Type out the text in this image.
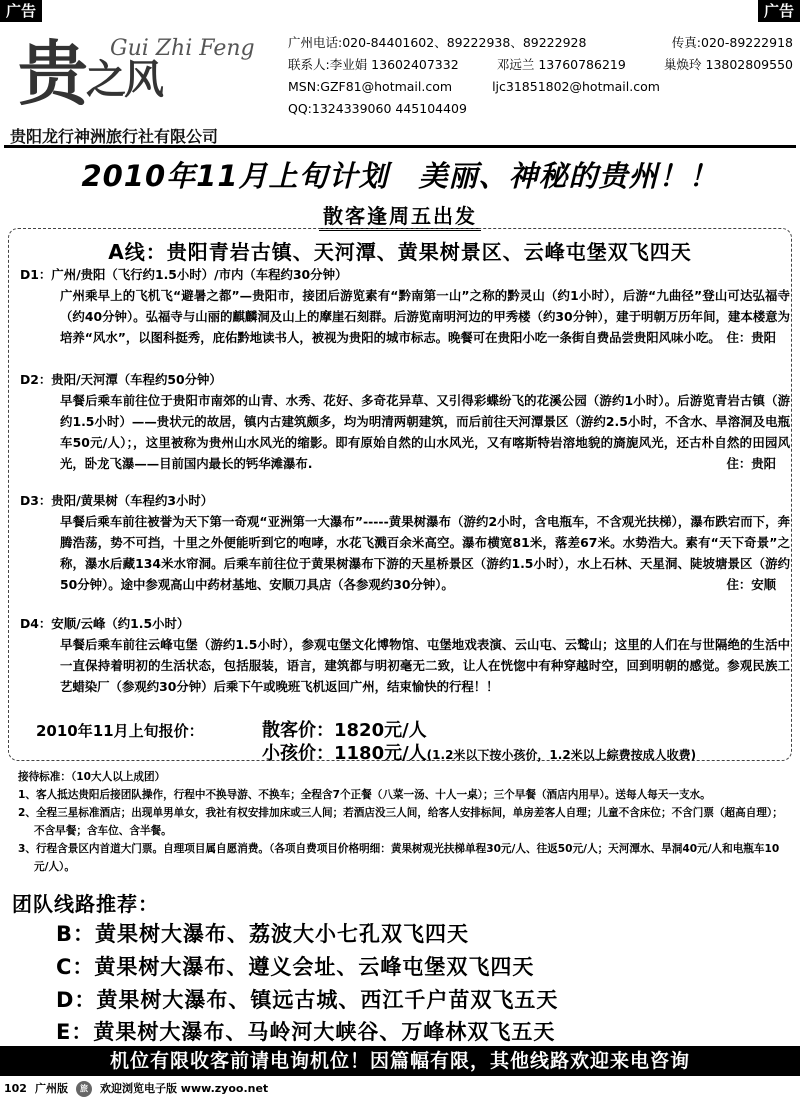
广告	广告
贵之风
Gui Zhi Feng
贵阳龙行神洲旅行社有限公司
广州电话:020-84401602、89222938、89222928	传真:020-89222918
联系人:李业娟 13602407332	邓远兰 13760786219	巢焕玲 13802809550
MSN:GZF81@hotmail.com	ljc31851802@hotmail.com
QQ:1324339060 445104409
2010年11月上旬计划　美丽、神秘的贵州！！
散客逢周五出发
A线：贵阳青岩古镇、天河潭、黄果树景区、云峰屯堡双飞四天
D1：广州/贵阳（飞行约1.5小时）/市内（车程约30分钟）
广州乘早上的飞机飞“避暑之都”—贵阳市，接团后游览素有“黔南第一山”之称的黔灵山（约1小时），后游“九曲径”登山可达弘福寺（约40分钟）。弘福寺与山丽的麒麟洞及山上的摩崖石刻群。后游览南明河边的甲秀楼（约30分钟），建于明朝万历年间，建本楼意为培养“风水”，以图科挺秀，庇佑黔地读书人，被视为贵阳的城市标志。晚餐可在贵阳小吃一条街自费品尝贵阳风味小吃。 住：贵阳
D2：贵阳/天河潭（车程约50分钟）
早餐后乘车前往位于贵阳市南郊的山青、水秀、花好、多奇花异草、又引得彩蝶纷飞的花溪公园（游约1小时）。后游览青岩古镇（游约1.5小时）——贵状元的故居，镇内古建筑颇多，均为明清两朝建筑，而后前往天河潭景区（游约2.5小时，不含水、旱溶洞及电瓶车50元/人）；，这里被称为贵州山水风光的缩影。即有原始自然的山水风光，又有喀斯特岩溶地貌的旖旎风光，还古朴自然的田园风光，卧龙飞瀑——目前国内最长的钙华滩瀑布.	住：贵阳
D3：贵阳/黄果树（车程约3小时）
早餐后乘车前往被誉为天下第一奇观“亚洲第一大瀑布”-----黄果树瀑布（游约2小时，含电瓶车，不含观光扶梯），瀑布跌宕而下，奔腾浩荡，势不可挡，十里之外便能听到它的咆哮，水花飞溅百余米高空。瀑布横宽81米，落差67米。水势浩大。素有“天下奇景”之称，瀑水后藏134米水帘洞。后乘车前往位于黄果树瀑布下游的天星桥景区（游约1.5小时），水上石林、天星洞、陡坡塘景区（游约50分钟）。途中参观高山中药材基地、安顺刀具店（各参观约30分钟）。	住：安顺
D4：安顺/云峰（约1.5小时）
早餐后乘车前往云峰屯堡（游约1.5小时），参观屯堡文化博物馆、屯堡地戏表演、云山屯、云鹫山；这里的人们在与世隔绝的生活中一直保持着明初的生活状态，包括服装，语言，建筑都与明初毫无二致，让人在恍惚中有种穿越时空，回到明朝的感觉。参观民族工艺蜡染厂（参观约30分钟）后乘下午或晚班飞机返回广州，结束愉快的行程！！
2010年11月上旬报价：	散客价：1820元/人
小孩价：1180元/人(1.2米以下按小孩价，1.2米以上綜费按成人收费)
接待标准：（10大人以上成团）
1、客人抵达贵阳后接团队操作，行程中不换导游、不换车；全程含7个正餐（八菜一汤、十人一桌）；三个早餐（酒店内用早）。送每人每天一支水。
2、全程三星标准酒店；出现单男单女，我社有权安排加床或三人间；若酒店没三人间，给客人安排标间，单房差客人自理；儿童不含床位；不含门票（超高自理）；不含早餐；含车位、含半餐。
3、行程含景区内首道大门票。自理项目属自愿消费。（各项自费项目价格明细：黄果树观光扶梯单程30元/人、往返50元/人；天河潭水、旱洞40元/人和电瓶车10元/人）。
团队线路推荐：
B：黄果树大瀑布、荔波大小七孔双飞四天
C：黄果树大瀑布、遵义会址、云峰屯堡双飞四天
D：黄果树大瀑布、镇远古城、西江千户苗双飞五天
E：黄果树大瀑布、马岭河大峡谷、万峰林双飞五天
机位有限收客前请电询机位！因篇幅有限，其他线路欢迎来电咨询
102 广州版	旅	欢迎浏览电子版 www.zyoo.net
